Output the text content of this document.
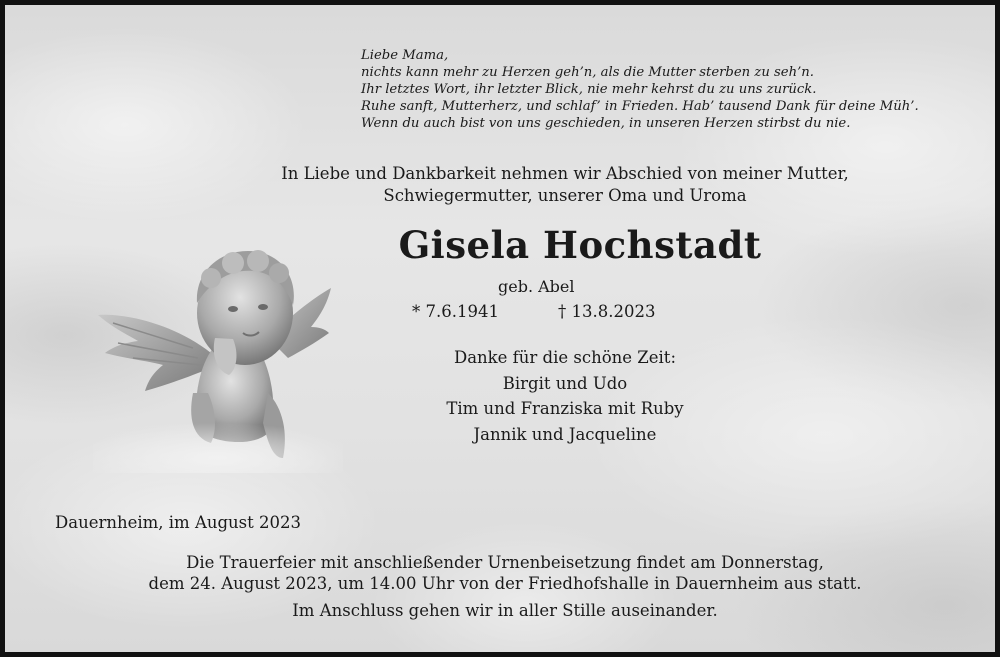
Liebe Mama,
nichts kann mehr zu Herzen geh’n, als die Mutter sterben zu seh’n.
Ihr letztes Wort, ihr letzter Blick, nie mehr kehrst du zu uns zurück.
Ruhe sanft, Mutterherz, und schlaf’ in Frieden. Hab’ tausend Dank für deine Müh’.
Wenn du auch bist von uns geschieden, in unseren Herzen stirbst du nie.
In Liebe und Dankbarkeit nehmen wir Abschied von meiner Mutter,
Schwiegermutter, unserer Oma und Uroma
Gisela Hochstadt
geb. Abel
* 7.6.1941	† 13.8.2023
Danke für die schöne Zeit:
Birgit und Udo
Tim und Franziska mit Ruby
Jannik und Jacqueline
Dauernheim, im August 2023
Die Trauerfeier mit anschließender Urnenbeisetzung findet am Donnerstag,
dem 24. August 2023, um 14.00 Uhr von der Friedhofshalle in Dauernheim aus statt.
Im Anschluss gehen wir in aller Stille auseinander.
